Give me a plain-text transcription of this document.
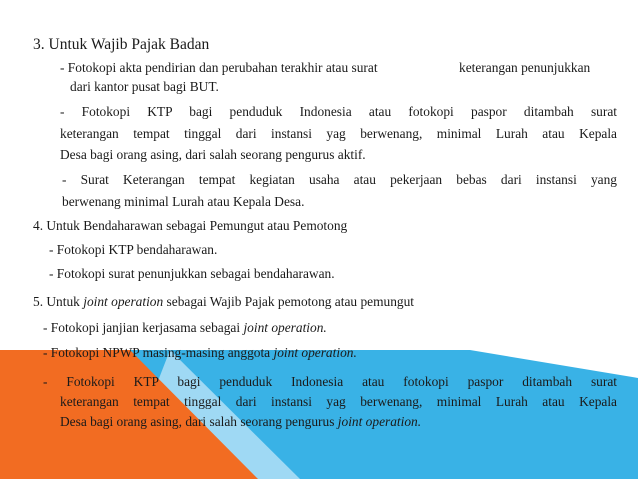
3. Untuk Wajib Pajak Badan
- Fotokopi akta pendirian dan perubahan terakhir atau surat	keterangan penunjukkan
dari kantor pusat bagi BUT.
- Fotokopi KTP bagi penduduk Indonesia atau fotokopi paspor ditambah surat
keterangan tempat tinggal dari instansi yag berwenang, minimal Lurah atau Kepala
Desa bagi orang asing, dari salah seorang pengurus aktif.
- Surat Keterangan tempat kegiatan usaha atau pekerjaan bebas dari instansi yang
berwenang minimal Lurah atau Kepala Desa.
4. Untuk Bendaharawan sebagai Pemungut atau Pemotong
- Fotokopi KTP bendaharawan.
- Fotokopi surat penunjukkan sebagai bendaharawan.
5. Untuk joint operation sebagai Wajib Pajak pemotong atau pemungut
- Fotokopi janjian kerjasama sebagai joint operation.
- Fotokopi NPWP masing-masing anggota joint operation.
- Fotokopi KTP bagi penduduk Indonesia atau fotokopi paspor ditambah surat
keterangan tempat tinggal dari instansi yag berwenang, minimal Lurah atau Kepala
Desa bagi orang asing, dari salah seorang pengurus joint operation.
